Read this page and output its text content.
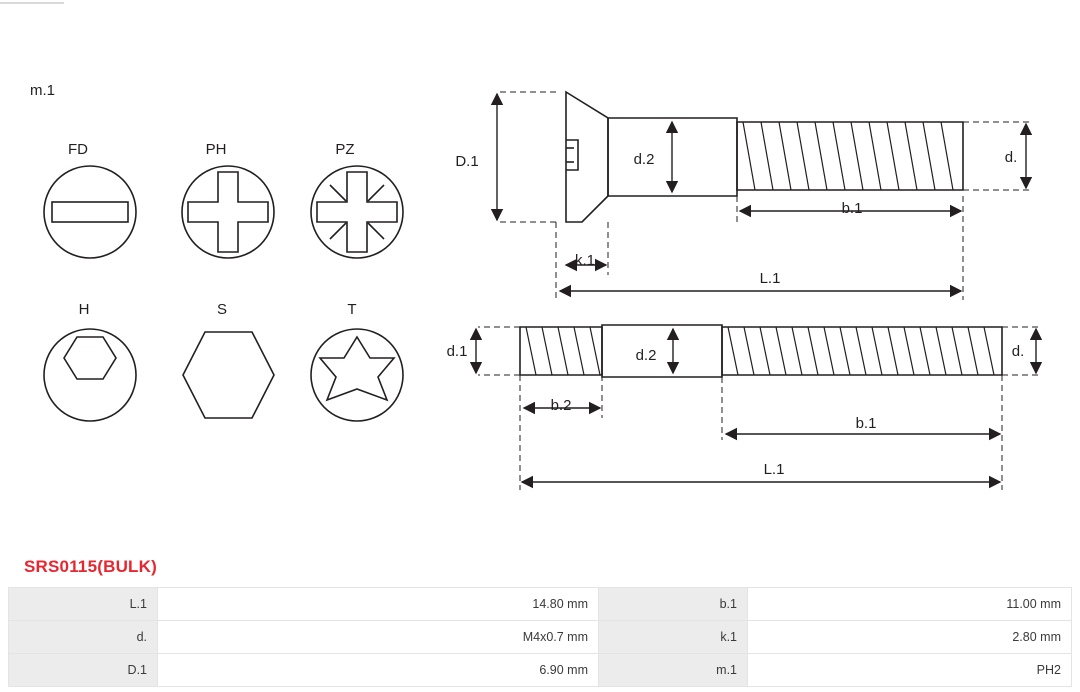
m.1
FD	PH	PZ
H	S	T
D.1	d.2	d.
b.1
k.1
L.1
d.1	d.2	d.
b.2
b.1
L.1
SRS0115(BULK)
L.1	14.80 mm	b.1	11.00 mm
d.	M4x0.7 mm	k.1	2.80 mm
D.1	6.90 mm	m.1	PH2
